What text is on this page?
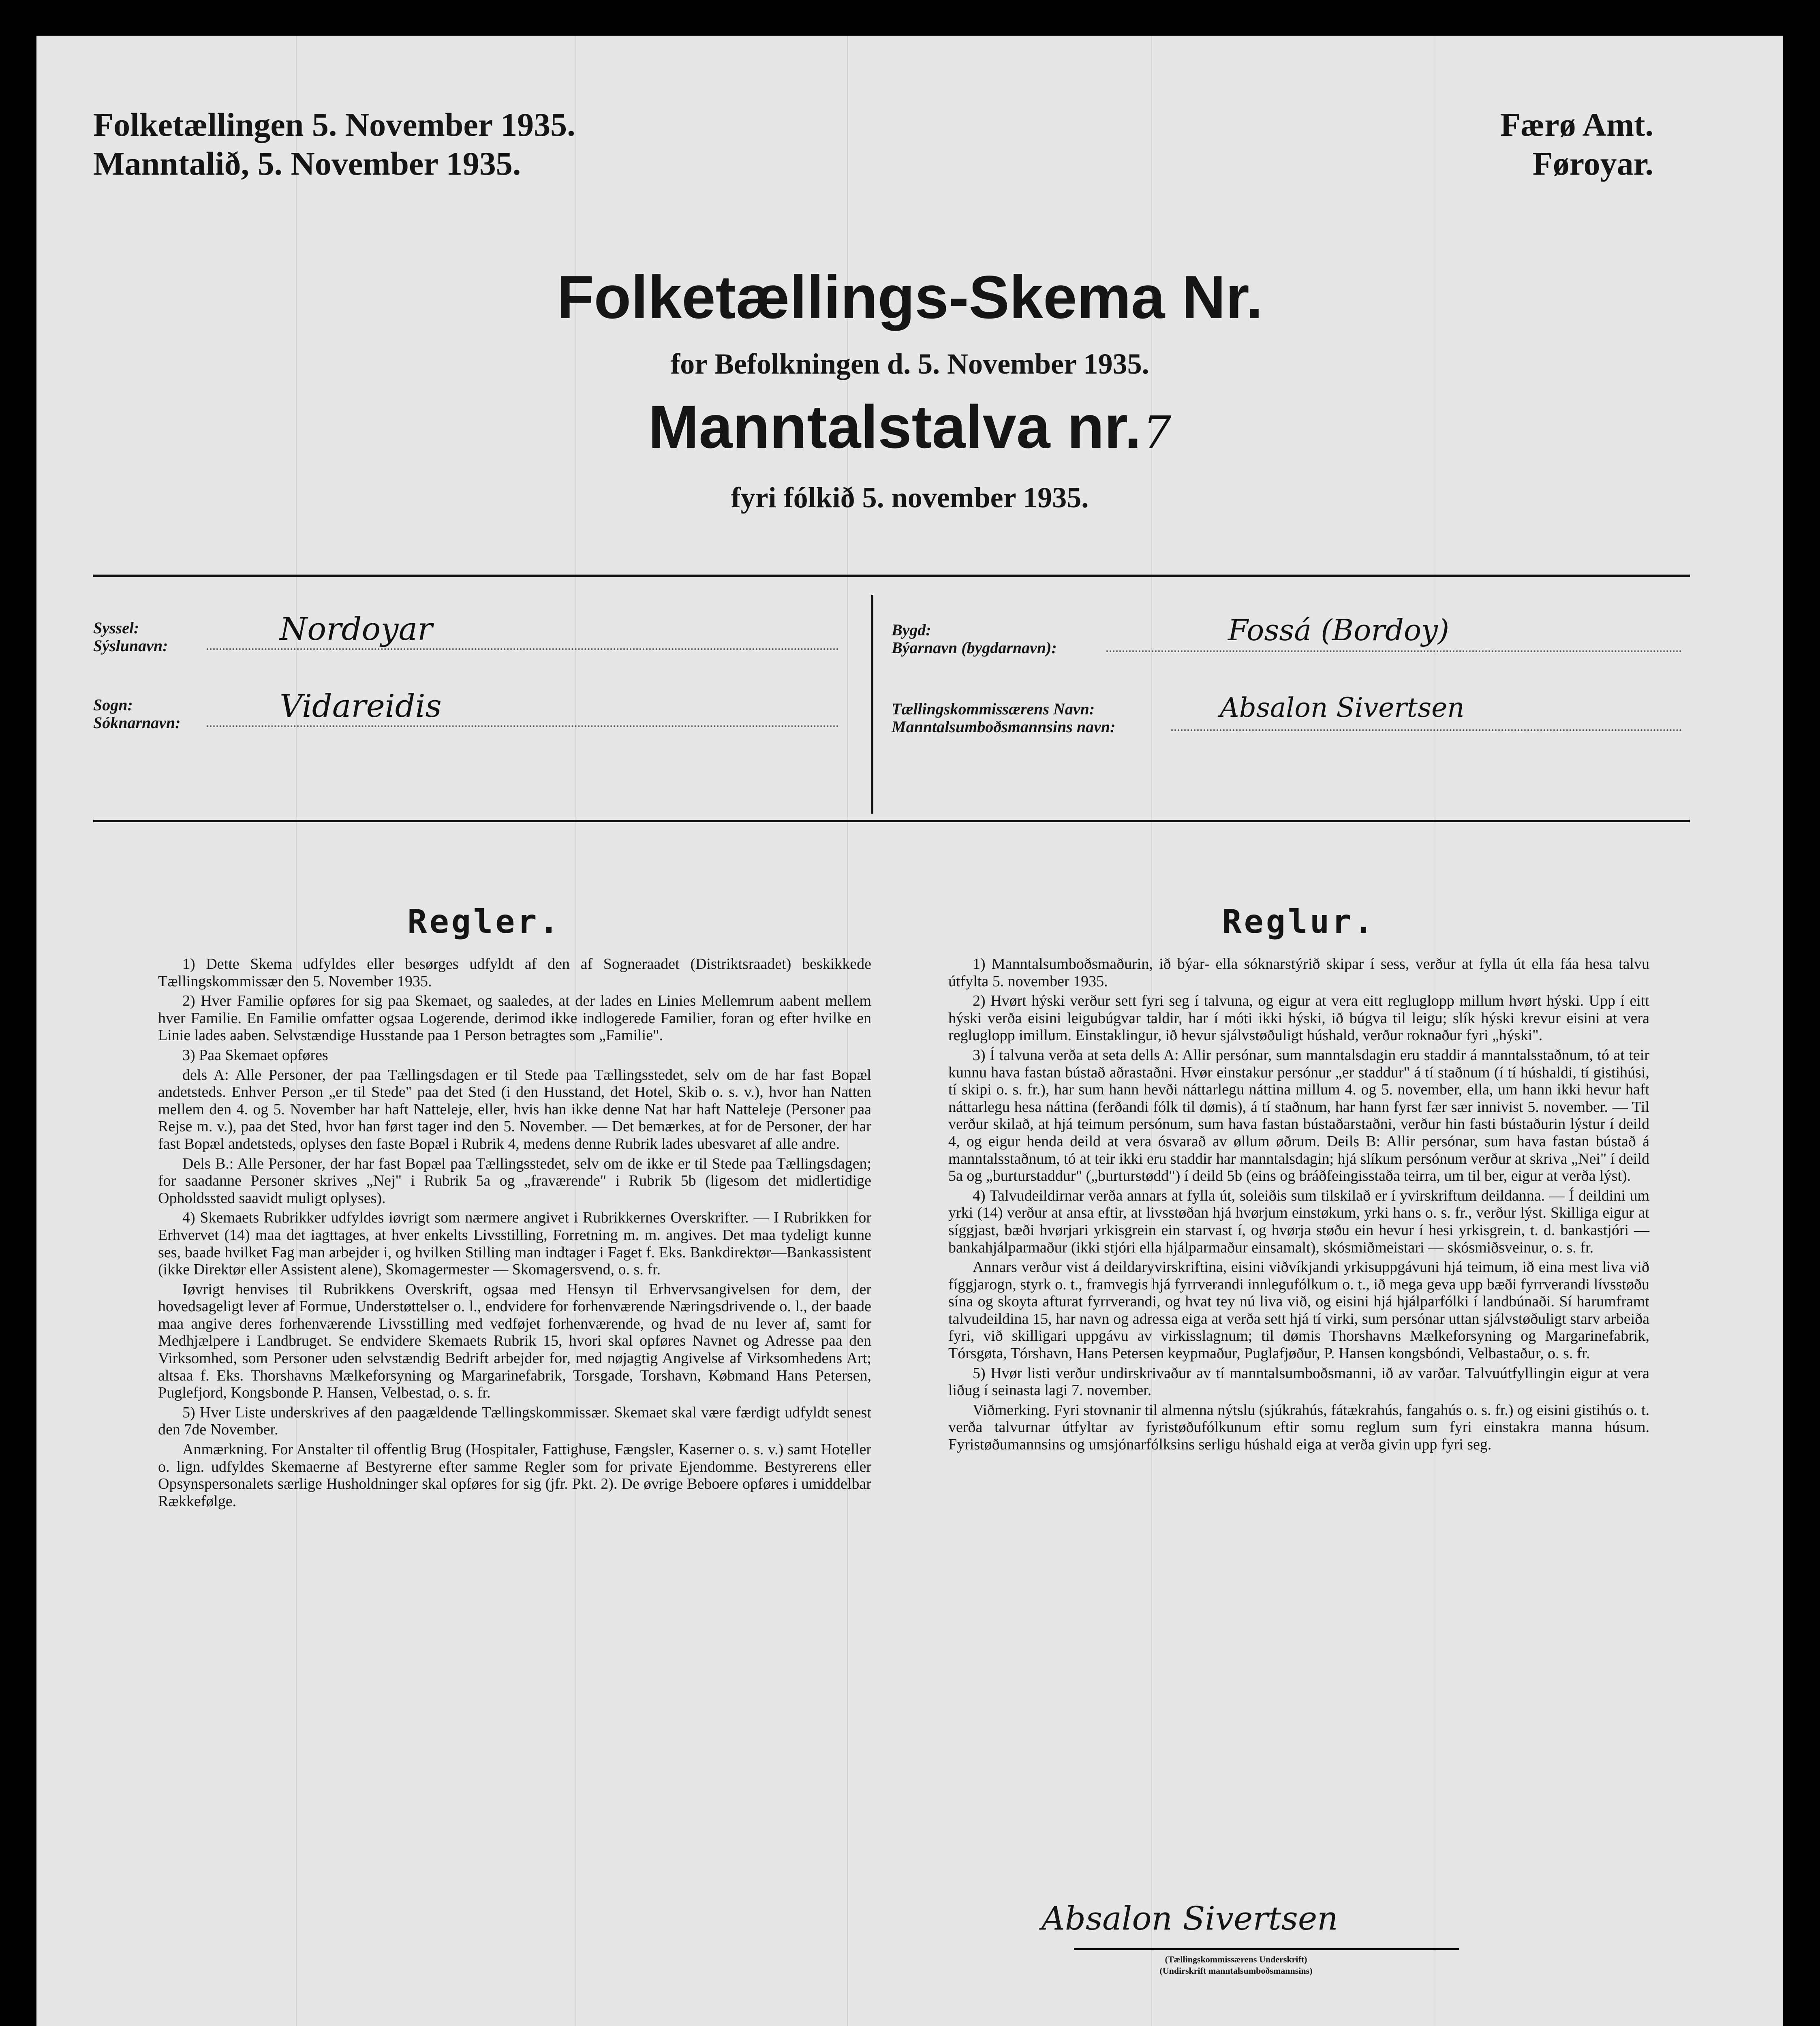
Folketællingen 5. November 1935.
Manntalið, 5. November 1935.
Færø Amt.
Føroyar.
Folketællings-Skema Nr.
for Befolkningen d. 5. November 1935.
Manntalstalva nr. 7
fyri fólkið 5. november 1935.
Syssel:
Sýslunavn:	Nordoyar
Sogn:
Sóknarnavn:	Vidareidis
Bygd:
Býarnavn (bygdarnavn):
Fossá (Bordoy)
Tællingskommissærens Navn:
Manntalsumboðsmannsins navn:
Absalon Sivertsen
Regler.	Reglur.

1) Dette Skema udfyldes eller besørges udfyldt af den af Sogneraadet (Distriktsraadet) beskikkede Tællingskommissær den 5. November 1935.

2) Hver Familie opføres for sig paa Skemaet, og saaledes, at der lades en Linies Mellemrum aabent mellem hver Familie. En Familie omfatter ogsaa Logerende, derimod ikke indlogerede Familier, foran og efter hvilke en Linie lades aaben. Selvstændige Husstande paa 1 Person betragtes som „Familie".

3) Paa Skemaet opføres

dels A: Alle Personer, der paa Tællingsdagen er til Stede paa Tællingsstedet, selv om de har fast Bopæl andetsteds. Enhver Person „er til Stede" paa det Sted (i den Husstand, det Hotel, Skib o. s. v.), hvor han Natten mellem den 4. og 5. November har haft Natteleje, eller, hvis han ikke denne Nat har haft Natteleje (Personer paa Rejse m. v.), paa det Sted, hvor han først tager ind den 5. November. — Det bemærkes, at for de Personer, der har fast Bopæl andetsteds, oplyses den faste Bopæl i Rubrik 4, medens denne Rubrik lades ubesvaret af alle andre.

Dels B.: Alle Personer, der har fast Bopæl paa Tællingsstedet, selv om de ikke er til Stede paa Tællingsdagen; for saadanne Personer skrives „Nej" i Rubrik 5a og „fraværende" i Rubrik 5b (ligesom det midlertidige Opholdssted saavidt muligt oplyses).

4) Skemaets Rubrikker udfyldes iøvrigt som nærmere angivet i Rubrikkernes Overskrifter. — I Rubrikken for Erhvervet (14) maa det iagttages, at hver enkelts Livsstilling, Forretning m. m. angives. Det maa tydeligt kunne ses, baade hvilket Fag man arbejder i, og hvilken Stilling man indtager i Faget f. Eks. Bankdirektør—Bankassistent (ikke Direktør eller Assistent alene), Skomagermester — Skomagersvend, o. s. fr.

Iøvrigt henvises til Rubrikkens Overskrift, ogsaa med Hensyn til Erhvervsangivelsen for dem, der hovedsageligt lever af Formue, Understøttelser o. l., endvidere for forhenværende Næringsdrivende o. l., der baade maa angive deres forhenværende Livsstilling med vedføjet forhenværende, og hvad de nu lever af, samt for Medhjælpere i Landbruget. Se endvidere Skemaets Rubrik 15, hvori skal opføres Navnet og Adresse paa den Virksomhed, som Personer uden selvstændig Bedrift arbejder for, med nøjagtig Angivelse af Virksomhedens Art; altsaa f. Eks. Thorshavns Mælkeforsyning og Margarinefabrik, Torsgade, Torshavn, Købmand Hans Petersen, Puglefjord, Kongsbonde P. Hansen, Velbestad, o. s. fr.

5) Hver Liste underskrives af den paagældende Tællingskommissær. Skemaet skal være færdigt udfyldt senest den 7de November.

Anmærkning. For Anstalter til offentlig Brug (Hospitaler, Fattighuse, Fængsler, Kaserner o. s. v.) samt Hoteller o. lign. udfyldes Skemaerne af Bestyrerne efter samme Regler som for private Ejendomme. Bestyrerens eller Opsynspersonalets særlige Husholdninger skal opføres for sig (jfr. Pkt. 2). De øvrige Beboere opføres i umiddelbar Rækkefølge.

1) Manntalsumboðsmaðurin, ið býar- ella sóknarstýrið skipar í sess, verður at fylla út ella fáa hesa talvu útfylta 5. november 1935.

2) Hvørt hýski verður sett fyri seg í talvuna, og eigur at vera eitt regluglopp millum hvørt hýski. Upp í eitt hýski verða eisini leigubúgvar taldir, har í móti ikki hýski, ið búgva til leigu; slík hýski krevur eisini at vera regluglopp imillum. Einstaklingur, ið hevur sjálvstøðuligt húshald, verður roknaður fyri „hýski".

3) Í talvuna verða at seta dells A: Allir persónar, sum manntalsdagin eru staddir á manntalsstaðnum, tó at teir kunnu hava fastan bústað aðrastaðni. Hvør einstakur persónur „er staddur" á tí staðnum (í tí húshaldi, tí gistihúsi, tí skipi o. s. fr.), har sum hann hevði náttarlegu náttina millum 4. og 5. november, ella, um hann ikki hevur haft náttarlegu hesa náttina (ferðandi fólk til dømis), á tí staðnum, har hann fyrst fær sær innivist 5. november. — Til verður skilað, at hjá teimum persónum, sum hava fastan bústaðarstaðni, verður hin fasti bústaðurin lýstur í deild 4, og eigur henda deild at vera ósvarað av øllum øðrum. Deils B: Allir persónar, sum hava fastan bústað á manntalsstaðnum, tó at teir ikki eru staddir har manntalsdagin; hjá slíkum persónum verður at skriva „Nei" í deild 5a og „burturstaddur" („burturstødd") í deild 5b (eins og bráðfeingisstaða teirra, um til ber, eigur at verða lýst).

4) Talvudeildirnar verða annars at fylla út, soleiðis sum tilskilað er í yvirskriftum deildanna. — Í deildini um yrki (14) verður at ansa eftir, at livsstøðan hjá hvørjum einstøkum, yrki hans o. s. fr., verður lýst. Skilliga eigur at síggjast, bæði hvørjari yrkisgrein ein starvast í, og hvørja støðu ein hevur í hesi yrkisgrein, t. d. bankastjóri — bankahjálparmaður (ikki stjóri ella hjálparmaður einsamalt), skósmiðmeistari — skósmiðsveinur, o. s. fr.

Annars verður vist á deildaryvirskriftina, eisini viðvíkjandi yrkisuppgávuni hjá teimum, ið eina mest liva við fíggjarogn, styrk o. t., framvegis hjá fyrrverandi innlegufólkum o. t., ið mega geva upp bæði fyrrverandi lívsstøðu sína og skoyta afturat fyrrverandi, og hvat tey nú liva við, og eisini hjá hjálparfólki í landbúnaði. Sí harumframt talvudeildina 15, har navn og adressa eiga at verða sett hjá tí virki, sum persónar uttan sjálvstøðuligt starv arbeiða fyri, við skilligari uppgávu av virkisslagnum; til dømis Thorshavns Mælkeforsyning og Margarinefabrik, Tórsgøta, Tórshavn, Hans Petersen keypmaður, Puglafjøður, P. Hansen kongsbóndi, Velbastaður, o. s. fr.

5) Hvør listi verður undirskrivaður av tí manntalsumboðsmanni, ið av varðar. Talvuútfyllingin eigur at vera liðug í seinasta lagi 7. november.

Viðmerking. Fyri stovnanir til almenna nýtslu (sjúkrahús, fátækrahús, fangahús o. s. fr.) og eisini gistihús o. t. verða talvurnar útfyltar av fyristøðufólkunum eftir somu reglum sum fyri einstakra manna húsum. Fyristøðumannsins og umsjónarfólksins serligu húshald eiga at verða givin upp fyri seg.

Absalon Sivertsen
(Tællingskommissærens Underskrift)
(Undirskrift manntalsumboðsmannsins)
